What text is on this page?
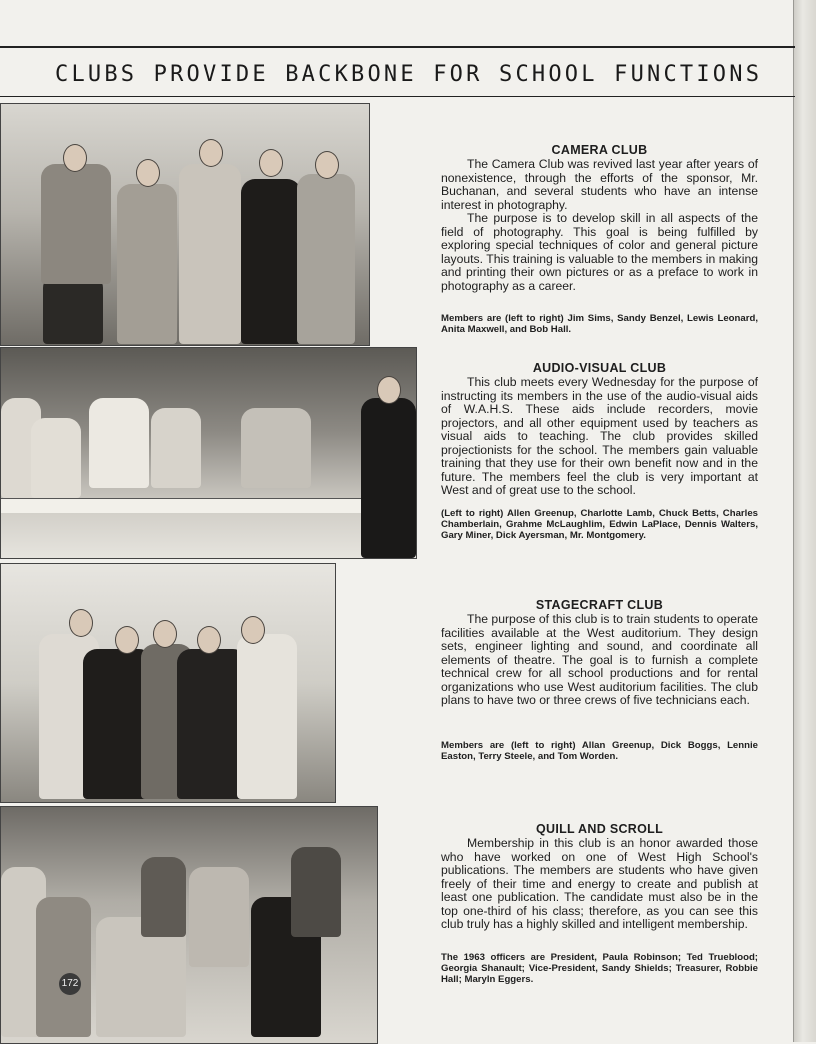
CLUBS PROVIDE BACKBONE FOR SCHOOL FUNCTIONS
172
CAMERA CLUB

The Camera Club was revived last year after years of nonexistence, through the efforts of the sponsor, Mr. Buchanan, and several students who have an intense interest in photography.
The purpose is to develop skill in all aspects of the field of photography. This goal is being fulfilled by exploring special techniques of color and general picture layouts. This training is valuable to the members in making and printing their own pictures or as a preface to work in photography as a career.

Members are (left to right) Jim Sims, Sandy Benzel, Lewis Leonard, Anita Maxwell, and Bob Hall.

AUDIO-VISUAL CLUB

This club meets every Wednesday for the purpose of instructing its members in the use of the audio-visual aids of W.A.H.S. These aids include recorders, movie projectors, and all other equipment used by teachers as visual aids to teaching. The club provides skilled projectionists for the school. The members gain valuable training that they use for their own benefit now and in the future. The members feel the club is very important at West and of great use to the school.

(Left to right) Allen Greenup, Charlotte Lamb, Chuck Betts, Charles Chamberlain, Grahme McLaughlim, Edwin LaPlace, Dennis Walters, Gary Miner, Dick Ayersman, Mr. Montgomery.

STAGECRAFT CLUB

The purpose of this club is to train students to operate facilities available at the West auditorium. They design sets, engineer lighting and sound, and coordinate all elements of theatre. The goal is to furnish a complete technical crew for all school productions and for rental organizations who use West auditorium facilities. The club plans to have two or three crews of five technicians each.

Members are (left to right) Allan Greenup, Dick Boggs, Lennie Easton, Terry Steele, and Tom Worden.

QUILL AND SCROLL

Membership in this club is an honor awarded those who have worked on one of West High School's publications. The members are students who have given freely of their time and energy to create and publish at least one publication. The candidate must also be in the top one-third of his class; therefore, as you can see this club truly has a highly skilled and intelligent membership.

The 1963 officers are President, Paula Robinson; Ted Trueblood; Georgia Shanault; Vice-President, Sandy Shields; Treasurer, Robbie Hall; Maryln Eggers.
